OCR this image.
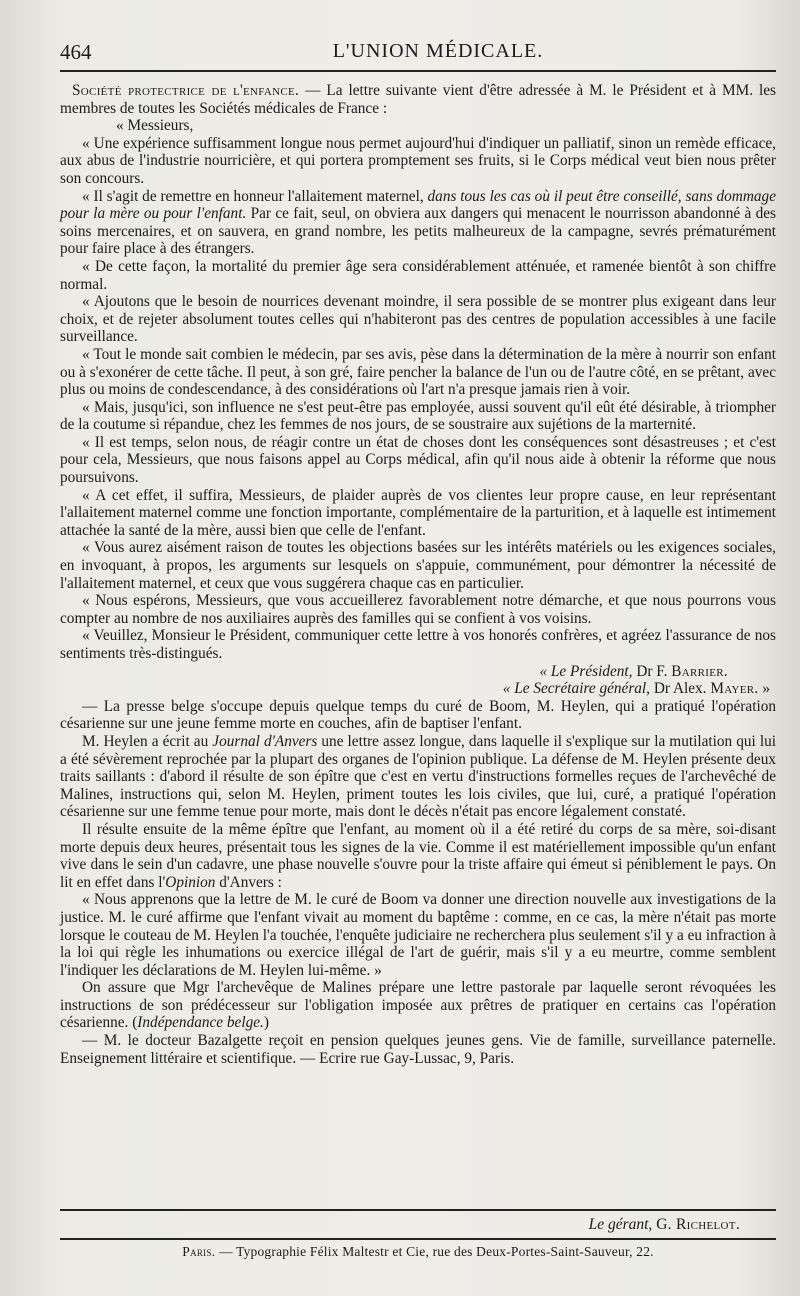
464	L'UNION MÉDICALE.

Société protectrice de l'enfance. — La lettre suivante vient d'être adressée à M. le Président et à MM. les membres de toutes les Sociétés médicales de France :

« Messieurs,

« Une expérience suffisamment longue nous permet aujourd'hui d'indiquer un palliatif, sinon un remède efficace, aux abus de l'industrie nourricière, et qui portera promptement ses fruits, si le Corps médical veut bien nous prêter son concours.

« Il s'agit de remettre en honneur l'allaitement maternel, dans tous les cas où il peut être conseillé, sans dommage pour la mère ou pour l'enfant. Par ce fait, seul, on obviera aux dangers qui menacent le nourrisson abandonné à des soins mercenaires, et on sauvera, en grand nombre, les petits malheureux de la campagne, sevrés prématurément pour faire place à des étrangers.

« De cette façon, la mortalité du premier âge sera considérablement atténuée, et ramenée bientôt à son chiffre normal.

« Ajoutons que le besoin de nourrices devenant moindre, il sera possible de se montrer plus exigeant dans leur choix, et de rejeter absolument toutes celles qui n'habiteront pas des centres de population accessibles à une facile surveillance.

« Tout le monde sait combien le médecin, par ses avis, pèse dans la détermination de la mère à nourrir son enfant ou à s'exonérer de cette tâche. Il peut, à son gré, faire pencher la balance de l'un ou de l'autre côté, en se prêtant, avec plus ou moins de condescendance, à des considérations où l'art n'a presque jamais rien à voir.

« Mais, jusqu'ici, son influence ne s'est peut-être pas employée, aussi souvent qu'il eût été désirable, à triompher de la coutume si répandue, chez les femmes de nos jours, de se soustraire aux sujétions de la marternité.

« Il est temps, selon nous, de réagir contre un état de choses dont les conséquences sont désastreuses ; et c'est pour cela, Messieurs, que nous faisons appel au Corps médical, afin qu'il nous aide à obtenir la réforme que nous poursuivons.

« A cet effet, il suffira, Messieurs, de plaider auprès de vos clientes leur propre cause, en leur représentant l'allaitement maternel comme une fonction importante, complémentaire de la parturition, et à laquelle est intimement attachée la santé de la mère, aussi bien que celle de l'enfant.

« Vous aurez aisément raison de toutes les objections basées sur les intérêts matériels ou les exigences sociales, en invoquant, à propos, les arguments sur lesquels on s'appuie, communément, pour démontrer la nécessité de l'allaitement maternel, et ceux que vous suggérera chaque cas en particulier.

« Nous espérons, Messieurs, que vous accueillerez favorablement notre démarche, et que nous pourrons vous compter au nombre de nos auxiliaires auprès des familles qui se confient à vos voisins.

« Veuillez, Monsieur le Président, communiquer cette lettre à vos honorés confrères, et agréez l'assurance de nos sentiments très-distingués.

« Le Président, Dr F. Barrier.

« Le Secrétaire général, Dr Alex. Mayer. »

— La presse belge s'occupe depuis quelque temps du curé de Boom, M. Heylen, qui a pratiqué l'opération césarienne sur une jeune femme morte en couches, afin de baptiser l'enfant.

M. Heylen a écrit au Journal d'Anvers une lettre assez longue, dans laquelle il s'explique sur la mutilation qui lui a été sévèrement reprochée par la plupart des organes de l'opinion publique. La défense de M. Heylen présente deux traits saillants : d'abord il résulte de son épître que c'est en vertu d'instructions formelles reçues de l'archevêché de Malines, instructions qui, selon M. Heylen, priment toutes les lois civiles, que lui, curé, a pratiqué l'opération césarienne sur une femme tenue pour morte, mais dont le décès n'était pas encore légalement constaté.

Il résulte ensuite de la même épître que l'enfant, au moment où il a été retiré du corps de sa mère, soi-disant morte depuis deux heures, présentait tous les signes de la vie. Comme il est matériellement impossible qu'un enfant vive dans le sein d'un cadavre, une phase nouvelle s'ouvre pour la triste affaire qui émeut si péniblement le pays. On lit en effet dans l'Opinion d'Anvers :

« Nous apprenons que la lettre de M. le curé de Boom va donner une direction nouvelle aux investigations de la justice. M. le curé affirme que l'enfant vivait au moment du baptême : comme, en ce cas, la mère n'était pas morte lorsque le couteau de M. Heylen l'a touchée, l'enquête judiciaire ne recherchera plus seulement s'il y a eu infraction à la loi qui règle les inhumations ou exercice illégal de l'art de guérir, mais s'il y a eu meurtre, comme semblent l'indiquer les déclarations de M. Heylen lui-même. »

On assure que Mgr l'archevêque de Malines prépare une lettre pastorale par laquelle seront révoquées les instructions de son prédécesseur sur l'obligation imposée aux prêtres de pratiquer en certains cas l'opération césarienne. (Indépendance belge.)

— M. le docteur Bazalgette reçoit en pension quelques jeunes gens. Vie de famille, surveillance paternelle. Enseignement littéraire et scientifique. — Ecrire rue Gay-Lussac, 9, Paris.

Le gérant, G. Richelot.
Paris. — Typographie Félix Maltestr et Cie, rue des Deux-Portes-Saint-Sauveur, 22.
